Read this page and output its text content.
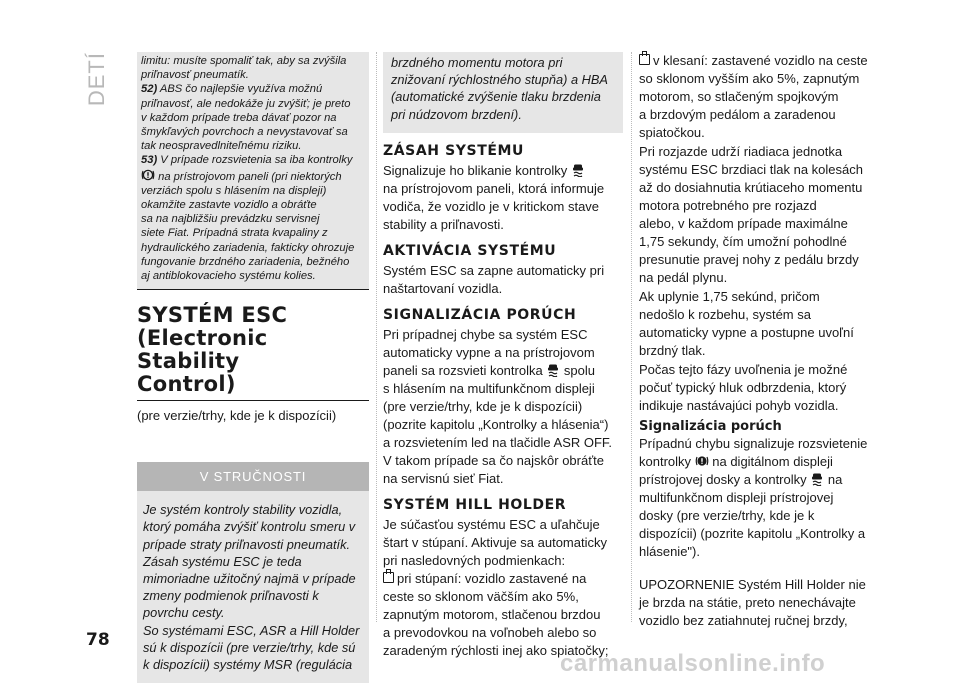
DETÍ
78

limitu: musíte spomaliť tak, aby sa zvýšila

priľnavosť pneumatík.

52) ABS čo najlepšie využíva možnú

priľnavosť, ale nedokáže ju zvýšiť; je preto

v každom prípade treba dávať pozor na

šmykľavých povrchoch a nevystavovať sa

tak neospravedlniteľnému riziku.

53) V prípade rozsvietenia sa iba kontrolky

na prístrojovom paneli (pri niektorých

verziách spolu s hlásením na displeji)

okamžite zastavte vozidlo a obráťte

sa na najbližšiu prevádzku servisnej

siete Fiat. Prípadná strata kvapaliny z

hydraulického zariadenia, fakticky ohrozuje

fungovanie brzdného zariadenia, bežného

aj antiblokovacieho systému kolies.

SYSTÉM ESC
(Electronic Stability
Control)

(pre verzie/trhy, kde je k dispozícii)

V STRUČNOSTI

Je systém kontroly stability vozidla,

ktorý pomáha zvýšiť kontrolu smeru v

prípade straty priľnavosti pneumatík.

Zásah systému ESC je teda

mimoriadne užitočný najmä v prípade

zmeny podmienok priľnavosti k

povrchu cesty.

So systémami ESC, ASR a Hill Holder

sú k dispozícii (pre verzie/trhy, kde sú

k dispozícii) systémy MSR (regulácia

brzdného momentu motora pri

znižovaní rýchlostného stupňa) a HBA

(automatické zvýšenie tlaku brzdenia

pri núdzovom brzdení).

ZÁSAH SYSTÉMU

Signalizuje ho blikanie kontrolky

na prístrojovom paneli, ktorá informuje

vodiča, že vozidlo je v kritickom stave

stability a priľnavosti.

AKTIVÁCIA SYSTÉMU

Systém ESC sa zapne automaticky pri

naštartovaní vozidla.

SIGNALIZÁCIA PORÚCH

Pri prípadnej chybe sa systém ESC

automaticky vypne a na prístrojovom

paneli sa rozsvieti kontrolka  spolu

s hlásením na multifunkčnom displeji

(pre verzie/trhy, kde je k dispozícii)

(pozrite kapitolu „Kontrolky a hlásenia“)

a rozsvietením led na tlačidle ASR OFF.

V takom prípade sa čo najskôr obráťte

na servisnú sieť Fiat.

SYSTÉM HILL HOLDER

Je súčasťou systému ESC a uľahčuje

štart v stúpaní. Aktivuje sa automaticky

pri nasledovných podmienkach:

pri stúpaní: vozidlo zastavené na

ceste so sklonom väčším ako 5%,

zapnutým motorom, stlačenou brzdou

a prevodovkou na voľnobeh alebo so

zaradeným rýchlosti inej ako spiatočky;

v klesaní: zastavené vozidlo na ceste

so sklonom vyšším ako 5%, zapnutým

motorom, so stlačeným spojkovým

a brzdovým pedálom a zaradenou

spiatočkou.

Pri rozjazde udrží riadiaca jednotka

systému ESC brzdiaci tlak na kolesách

až do dosiahnutia krútiaceho momentu

motora potrebného pre rozjazd

alebo, v každom prípade maximálne

1,75 sekundy, čím umožní pohodlné

presunutie pravej nohy z pedálu brzdy

na pedál plynu.

Ak uplynie 1,75 sekúnd, pričom

nedošlo k rozbehu, systém sa

automaticky vypne a postupne uvoľní

brzdný tlak.

Počas tejto fázy uvoľnenia je možné

počuť typický hluk odbrzdenia, ktorý

indikuje nastávajúci pohyb vozidla.

Signalizácia porúch

Prípadnú chybu signalizuje rozsvietenie

kontrolky  na digitálnom displeji

prístrojovej dosky a kontrolky  na

multifunkčnom displeji prístrojovej

dosky (pre verzie/trhy, kde je k

dispozícii) (pozrite kapitolu „Kontrolky a

hlásenie").

UPOZORNENIE Systém Hill Holder nie

je brzda na státie, preto nenechávajte

vozidlo bez zatiahnutej ručnej brzdy,

carmanualsonline.info
